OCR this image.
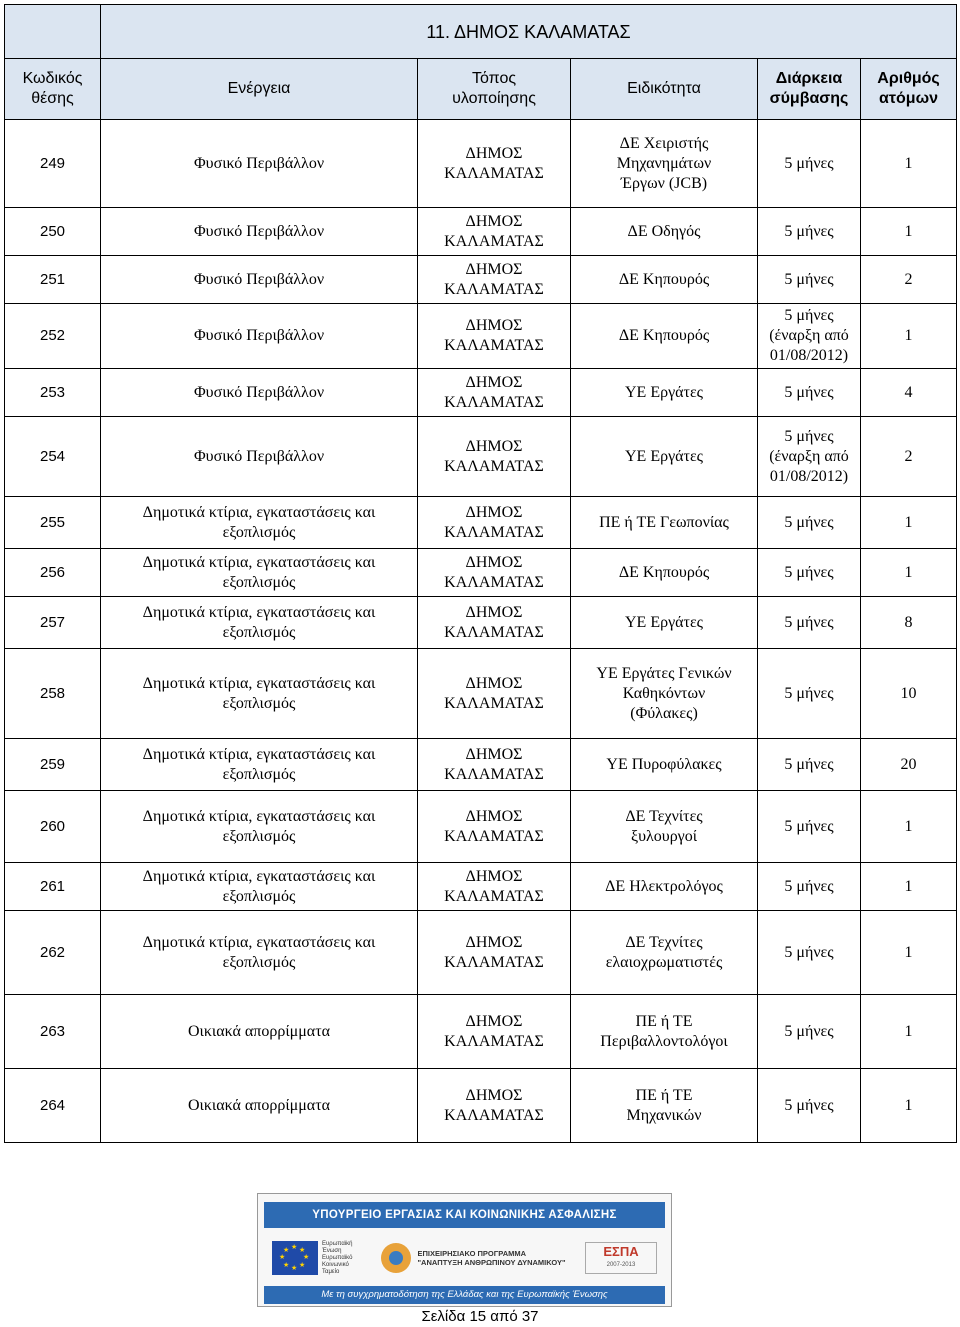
	11. ΔΗΜΟΣ ΚΑΛΑΜΑΤΑΣ				

Κωδικός
θέσης	Ενέργεια	Τόπος
υλοποίησης	Ειδικότητα	Διάρκεια
σύμβασης	Αριθμός
ατόμων

249	Φυσικό Περιβάλλον	ΔΗΜΟΣ
ΚΑΛΑΜΑΤΑΣ	ΔΕ Χειριστής
Μηχανημάτων
Έργων (JCB)	5 μήνες	1
250	Φυσικό Περιβάλλον	ΔΗΜΟΣ
ΚΑΛΑΜΑΤΑΣ	ΔΕ Οδηγός	5 μήνες	1
251	Φυσικό Περιβάλλον	ΔΗΜΟΣ
ΚΑΛΑΜΑΤΑΣ	ΔΕ Κηπουρός	5 μήνες	2
252	Φυσικό Περιβάλλον	ΔΗΜΟΣ
ΚΑΛΑΜΑΤΑΣ	ΔΕ Κηπουρός	5 μήνες
(έναρξη από
01/08/2012)	1
253	Φυσικό Περιβάλλον	ΔΗΜΟΣ
ΚΑΛΑΜΑΤΑΣ	ΥΕ Εργάτες	5 μήνες	4
254	Φυσικό Περιβάλλον	ΔΗΜΟΣ
ΚΑΛΑΜΑΤΑΣ	ΥΕ Εργάτες	5 μήνες
(έναρξη από
01/08/2012)	2
255	Δημοτικά κτίρια, εγκαταστάσεις και
εξοπλισμός	ΔΗΜΟΣ
ΚΑΛΑΜΑΤΑΣ	ΠΕ ή ΤΕ Γεωπονίας	5 μήνες	1
256	Δημοτικά κτίρια, εγκαταστάσεις και
εξοπλισμός	ΔΗΜΟΣ
ΚΑΛΑΜΑΤΑΣ	ΔΕ Κηπουρός	5 μήνες	1
257	Δημοτικά κτίρια, εγκαταστάσεις και
εξοπλισμός	ΔΗΜΟΣ
ΚΑΛΑΜΑΤΑΣ	ΥΕ Εργάτες	5 μήνες	8
258	Δημοτικά κτίρια, εγκαταστάσεις και
εξοπλισμός	ΔΗΜΟΣ
ΚΑΛΑΜΑΤΑΣ	ΥΕ Εργάτες Γενικών
Καθηκόντων
(Φύλακες)	5 μήνες	10
259	Δημοτικά κτίρια, εγκαταστάσεις και
εξοπλισμός	ΔΗΜΟΣ
ΚΑΛΑΜΑΤΑΣ	ΥΕ Πυροφύλακες	5 μήνες	20
260	Δημοτικά κτίρια, εγκαταστάσεις και
εξοπλισμός	ΔΗΜΟΣ
ΚΑΛΑΜΑΤΑΣ	ΔΕ Τεχνίτες
ξυλουργοί	5 μήνες	1
261	Δημοτικά κτίρια, εγκαταστάσεις και
εξοπλισμός	ΔΗΜΟΣ
ΚΑΛΑΜΑΤΑΣ	ΔΕ Ηλεκτρολόγος	5 μήνες	1
262	Δημοτικά κτίρια, εγκαταστάσεις και
εξοπλισμός	ΔΗΜΟΣ
ΚΑΛΑΜΑΤΑΣ	ΔΕ Τεχνίτες
ελαιοχρωματιστές	5 μήνες	1
263	Οικιακά απορρίμματα	ΔΗΜΟΣ
ΚΑΛΑΜΑΤΑΣ	ΠΕ ή ΤΕ
Περιβαλλοντολόγοι	5 μήνες	1
264	Οικιακά απορρίμματα	ΔΗΜΟΣ
ΚΑΛΑΜΑΤΑΣ	ΠΕ ή ΤΕ
Μηχανικών	5 μήνες	1
ΥΠΟΥΡΓΕΙΟ ΕΡΓΑΣΙΑΣ ΚΑΙ ΚΟΙΝΩΝΙΚΗΣ ΑΣΦΑΛΙΣΗΣ
★ ★
★
★
★
★
★
★
Ευρωπαϊκή Ένωση Ευρωπαϊκό Κοινωνικό Ταμείο
ΕΠΙΧΕΙΡΗΣΙΑΚΟ ΠΡΟΓΡΑΜΜΑ
"ΑΝΑΠΤΥΞΗ ΑΝΘΡΩΠΙΝΟΥ ΔΥΝΑΜΙΚΟΥ"
ΕΣΠΑ
2007-2013
Με τη συγχρηματοδότηση της Ελλάδας και της Ευρωπαϊκής Ένωσης
Σελίδα 15 από 37
